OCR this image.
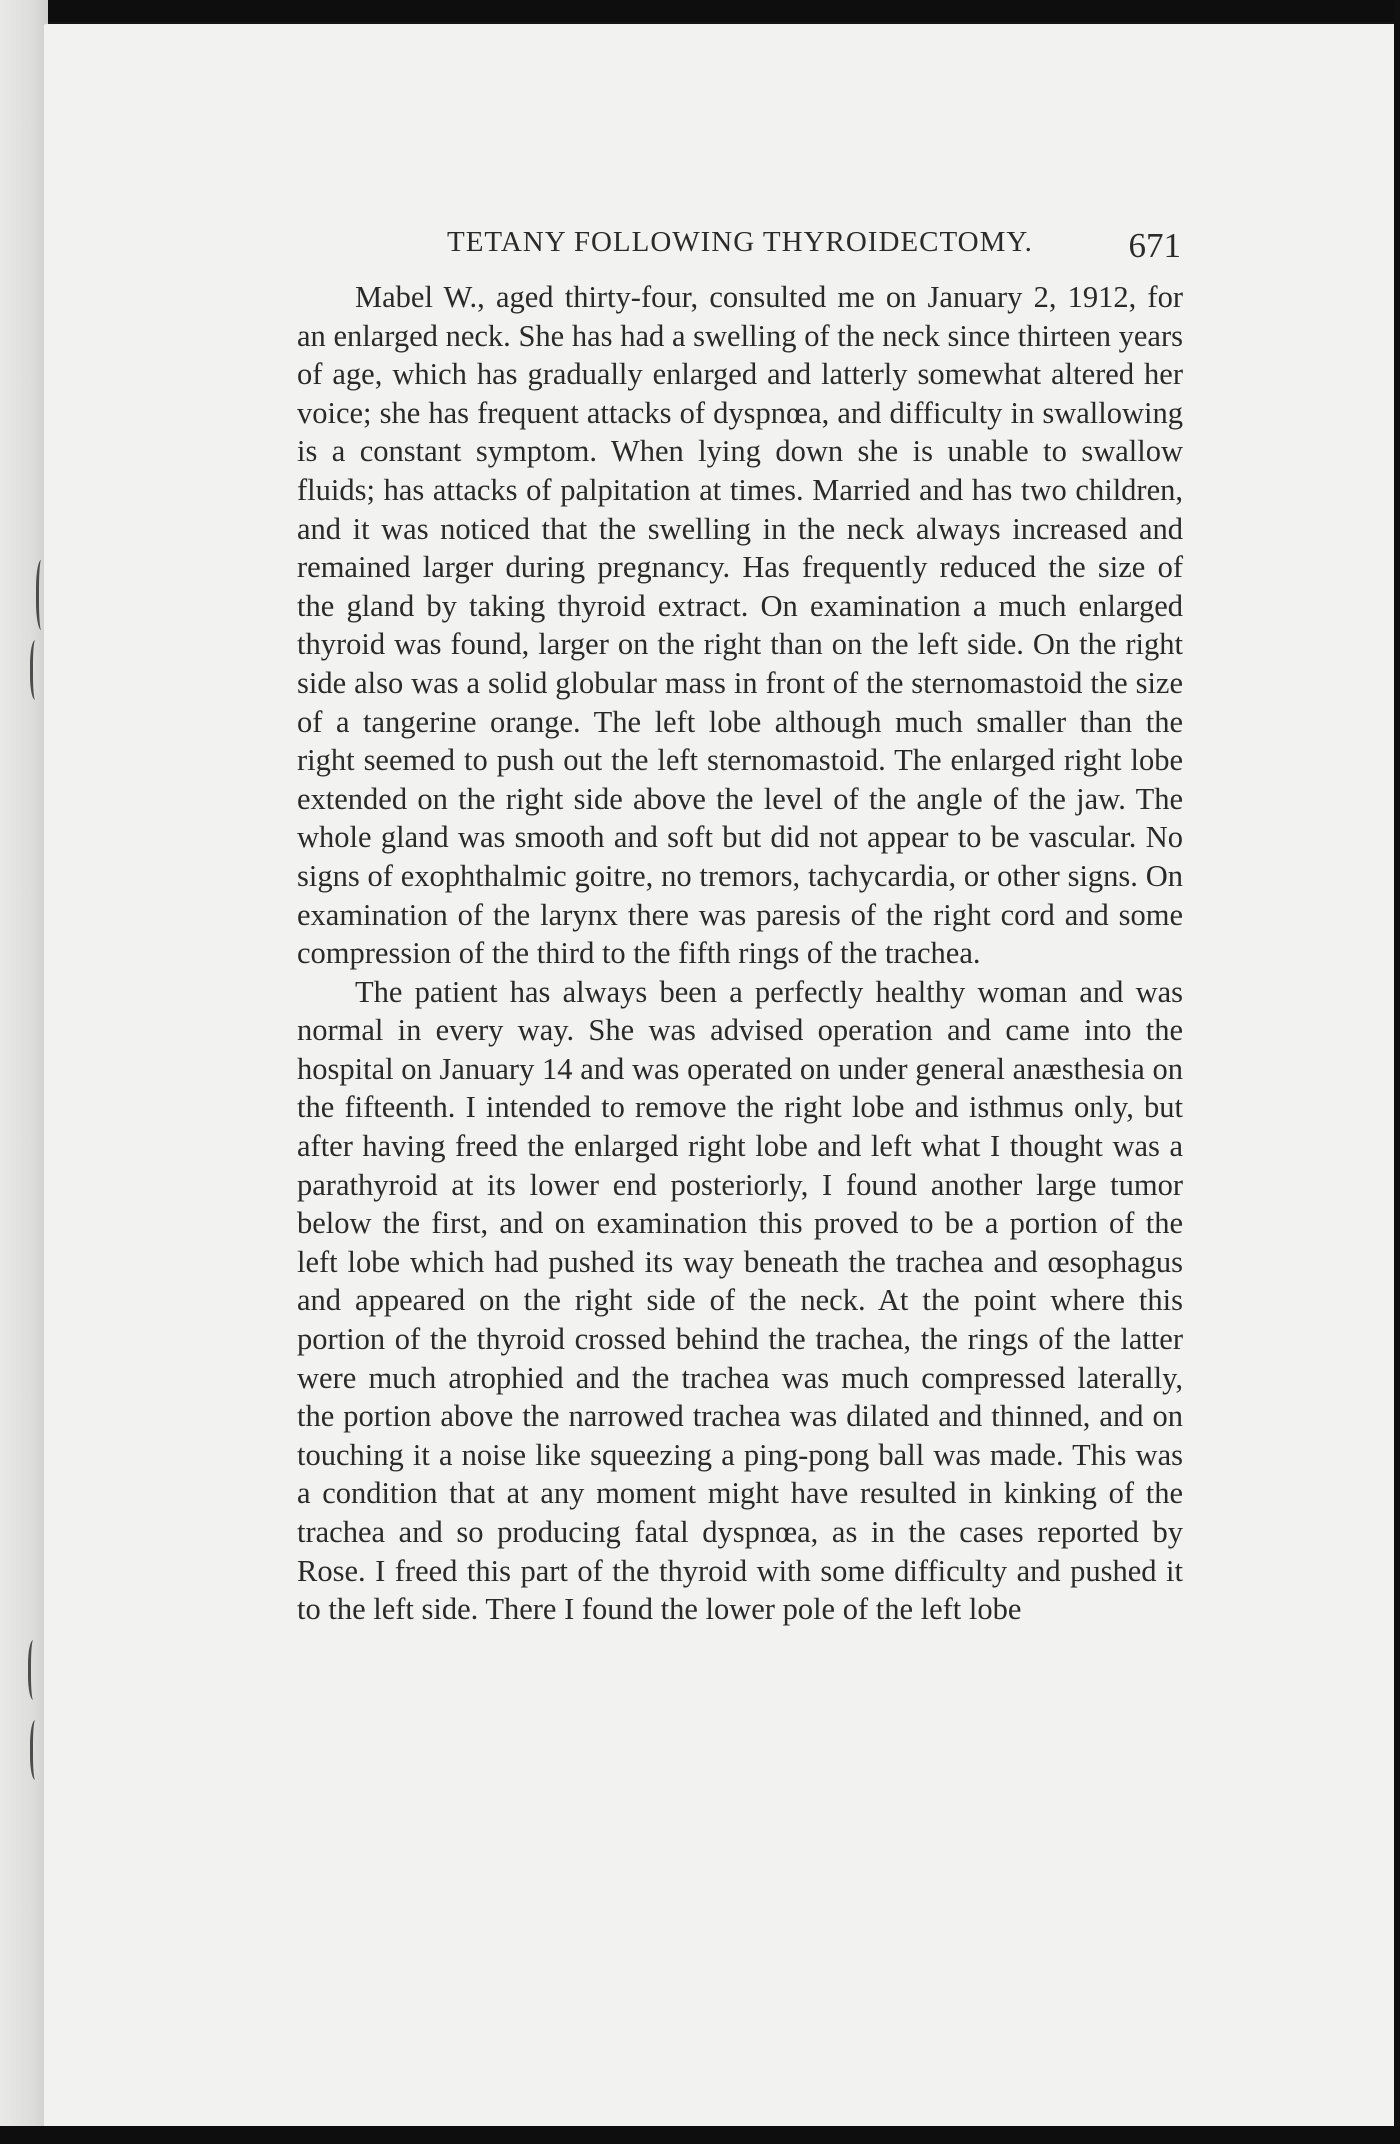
TETANY FOLLOWING THYROIDECTOMY.	671

Mabel W., aged thirty-four, consulted me on January 2, 1912, for an enlarged neck. She has had a swelling of the neck since thirteen years of age, which has gradually enlarged and latterly somewhat altered her voice; she has frequent attacks of dyspnœa, and difficulty in swallowing is a constant symptom. When lying down she is unable to swallow fluids; has attacks of palpitation at times. Married and has two children, and it was noticed that the swelling in the neck always increased and remained larger during pregnancy. Has frequently reduced the size of the gland by taking thyroid extract. On examination a much enlarged thyroid was found, larger on the right than on the left side. On the right side also was a solid globular mass in front of the sternomastoid the size of a tangerine orange. The left lobe although much smaller than the right seemed to push out the left sternomastoid. The enlarged right lobe extended on the right side above the level of the angle of the jaw. The whole gland was smooth and soft but did not appear to be vascular. No signs of exophthalmic goitre, no tremors, tachycardia, or other signs. On examination of the larynx there was paresis of the right cord and some compression of the third to the fifth rings of the trachea.

The patient has always been a perfectly healthy woman and was normal in every way. She was advised operation and came into the hospital on January 14 and was operated on under general anæsthesia on the fifteenth. I intended to remove the right lobe and isthmus only, but after having freed the enlarged right lobe and left what I thought was a parathyroid at its lower end posteriorly, I found another large tumor below the first, and on examination this proved to be a portion of the left lobe which had pushed its way beneath the trachea and œsophagus and appeared on the right side of the neck. At the point where this portion of the thyroid crossed behind the trachea, the rings of the latter were much atrophied and the trachea was much compressed laterally, the portion above the narrowed trachea was dilated and thinned, and on touching it a noise like squeezing a ping-pong ball was made. This was a condition that at any moment might have resulted in kinking of the trachea and so producing fatal dyspnœa, as in the cases reported by Rose. I freed this part of the thyroid with some difficulty and pushed it to the left side. There I found the lower pole of the left lobe
